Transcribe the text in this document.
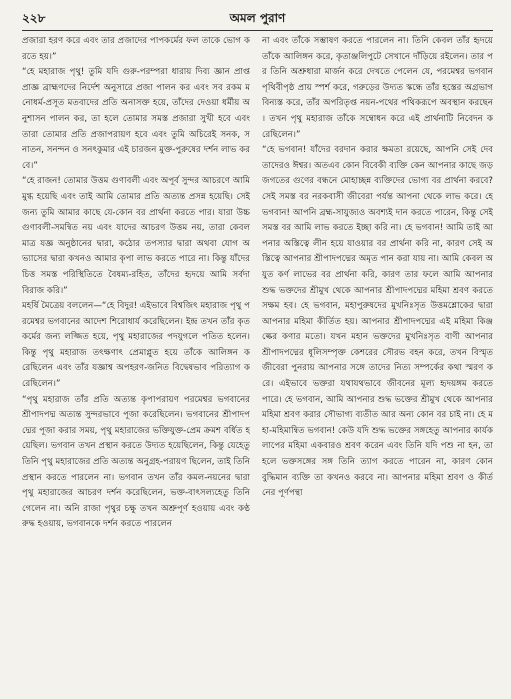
২২৮	অমল পুরাণ

প্রজারা হরণ করে এবং তার প্রজাদের পাপকর্মের ফল তাকে ভোগ করতে হয়।”

“হে মহারাজ পৃথু! তুমি যদি গুরু-পরম্পরা ধারায় দিব্য জ্ঞান প্রাপ্ত প্রাজ্ঞ ব্রাহ্মণদের নির্দেশ অনুসারে প্রজা পালন কর এবং সব রকম মনোধর্ম-প্রসূত মতবাদের প্রতি অনাসক্ত হয়ে, তাঁদের দেওয়া ধর্মীয় অনুশাসন পালন কর, তা হলে তোমার সমস্ত প্রজারা সুখী হবে এবং তারা তোমার প্রতি প্রজাপরায়ণ হবে এবং তুমি অচিরেই সনক, সনাতন, সনন্দন ও সনৎকুমার এই চারজন মুক্ত-পুরুষের দর্শন লাভ করবে।”

“হে রাজন! তোমার উত্তম গুণাবলী এবং অপূর্ব সুন্দর আচরণে আমি মুগ্ধ হয়েছি এবং তাই আমি তোমার প্রতি অত্যন্ত প্রসন্ন হয়েছি। সেই জন্য তুমি আমার কাছে যে-কোন বর প্রার্থনা করতে পার। যারা উচ্চগুণাবলী-সমন্বিত নয় এবং যাদের আচরণ উত্তম নয়, তারা কেবলমাত্র যজ্ঞ অনুষ্ঠানের দ্বারা, কঠোর তপস্যার দ্বারা অথবা যোগ অভ্যাসের দ্বারা কখনও আমার কৃপা লাভ করতে পারে না। কিন্তু যাঁদের চিত্ত সমস্ত পরিস্থিতিতে বৈষম্য-রহিত, তাঁদের হৃদয়ে আমি সর্বদা বিরাজ করি।”

মহর্ষি মৈত্রেয় বললেন—“হে বিদুর! এইভাবে বিশ্বজিৎ মহারাজ পৃথু পরমেশ্বর ভগবানের আদেশ শিরোধার্য করেছিলেন। ইন্দ্র তখন তাঁর কৃতকর্মের জন্য লজ্জিত হয়ে, পৃথু মহারাজের পদযুগলে পতিত হলেন। কিন্তু পৃথু মহারাজ তৎক্ষণাৎ প্রেমাপ্লুত হয়ে তাঁকে আলিঙ্গন করেছিলেন এবং তাঁর যজ্ঞাশ্ব অপহরণ-জনিত বিদ্বেষভাব পরিত্যাগ করেছিলেন।”

“পৃথু মহারাজ তাঁর প্রতি অত্যন্ত কৃপাপরায়ণ পরমেশ্বর ভগবানের শ্রীপাদপদ্ম অত্যন্ত সুন্দরভাবে পূজা করেছিলেন। ভগবানের শ্রীপাদপদ্মের পূজা করার সময়, পৃথু মহারাজের ভক্তিযুক্ত-প্রেম ক্রমশ বর্ধিত হয়েছিল। ভগবান তখন প্রস্থান করতে উদ্যত হয়েছিলেন, কিন্তু যেহেতু তিনি পৃথু মহারাজের প্রতি অত্যন্ত অনুগ্রহ-পরায়ণ ছিলেন, তাই তিনি প্রস্থান করতে পারলেন না। ভগবান তখন তাঁর কমল-নয়নের দ্বারা পৃথু মহারাজের আচরণ দর্শন করেছিলেন, ভক্ত-বাৎসল্যহেতু তিনি গেলেন না। অনি রাজা পৃথুর চক্ষু তখন অশ্রুপূর্ণ হওয়ায় এবং কণ্ঠ রুদ্ধ হওয়ায়, ভগবানকে দর্শন করতে পারলেন

না এবং তাঁকে সম্ভাষণ করতে পারলেন না। তিনি কেবল তাঁর হৃদয়ে তাঁকে আলিঙ্গন করে, কৃতাঞ্জলিপুটে সেখানে দাঁড়িয়ে রইলেন। তার পর তিনি অশ্রুধারা মার্জন করে দেখতে পেলেন যে, পরমেশ্বর ভগবান পৃথিবীপৃষ্ঠ প্রায় স্পর্শ করে, গরুড়ের উদ্যত স্কন্ধে তাঁর হস্তের অগ্রভাগ বিন্যস্ত করে, তাঁর অপরিতৃপ্ত নয়ন-পথের পথিকরূপে অবস্থান করছেন। তখন পৃথু মহারাজ তাঁকে সম্বোধন করে এই প্রার্থনাটি নিবেদন করেছিলেন।”

“হে ভগবান! যাঁদের বরদান করার ক্ষমতা রয়েছে, আপনি সেই দেবতাদেরও ঈশ্বর। অতএব কোন বিবেকী ব্যক্তি কেন আপনার কাছে জড় জগতের গুণের বন্ধনে মোহাচ্ছন্ন ব্যক্তিদের ভোগ্য বর প্রার্থনা করবে? সেই সমস্ত বর নরকবাসী জীবেরা পর্যন্ত আপনা থেকে লাভ করে। হে ভগবান! আপনি ব্রহ্ম-সাযুজ্যও অবশ্যই দান করতে পারেন, কিন্তু সেই সমস্ত বর আমি লাভ করতে ইচ্ছা করি না। হে ভগবান! আমি তাই আপনার অস্তিত্বে লীন হয়ে যাওয়ার বর প্রার্থনা করি না, কারণ সেই অস্তিত্বে আপনার শ্রীপাদপদ্মের অমৃত পান করা যায় না। আমি কেবল অযুত কর্ণ লাভের বর প্রার্থনা করি, কারণ তার ফলে আমি আপনার শুদ্ধ ভক্তদের শ্রীমুখ থেকে আপনার শ্রীপাদপদ্মের মহিমা শ্রবণ করতে সক্ষম হব। হে ভগবান, মহাপুরুষদের মুখনিঃসৃত উত্তমশ্লোকের দ্বারা আপনার মহিমা কীর্তিত হয়। আপনার শ্রীপাদপদ্মের এই মহিমা কিঞ্জল্কের কণার মতো। যখন মহান ভক্তদের মুখনিঃসৃত বাণী আপনার শ্রীপাদপদ্মের ধূলিসম্পৃক্ত কেশরের সৌরভ বহন করে, তখন বিস্মৃত জীবেরা পুনরায় আপনার সঙ্গে তাদের নিত্য সম্পর্কের কথা স্মরণ করে। এইভাবে ভক্তরা যথাযথভাবে জীবনের মূল্য হৃদয়ঙ্গম করতে পারে। হে ভগবান, আমি আপনার শুদ্ধ ভক্তের শ্রীমুখ থেকে আপনার মহিমা শ্রবণ করার সৌভাগ্য ব্যতীত আর অন্য কোন বর চাই না। হে মহা-মহিমান্বিত ভগবান! কেউ যদি শুদ্ধ ভক্তের সঙ্গহেতু আপনার কার্যকলাপের মহিমা একবারও শ্রবণ করেন এবং তিনি যদি পশু না হন, তা হলে ভক্তসঙ্গের সঙ্গ তিনি ত্যাগ করতে পারেন না, কারণ কোন বুদ্ধিমান ব্যক্তি তা কখনও করবে না। আপনার মহিমা শ্রবণ ও কীর্তনের পূর্ণপন্থা
